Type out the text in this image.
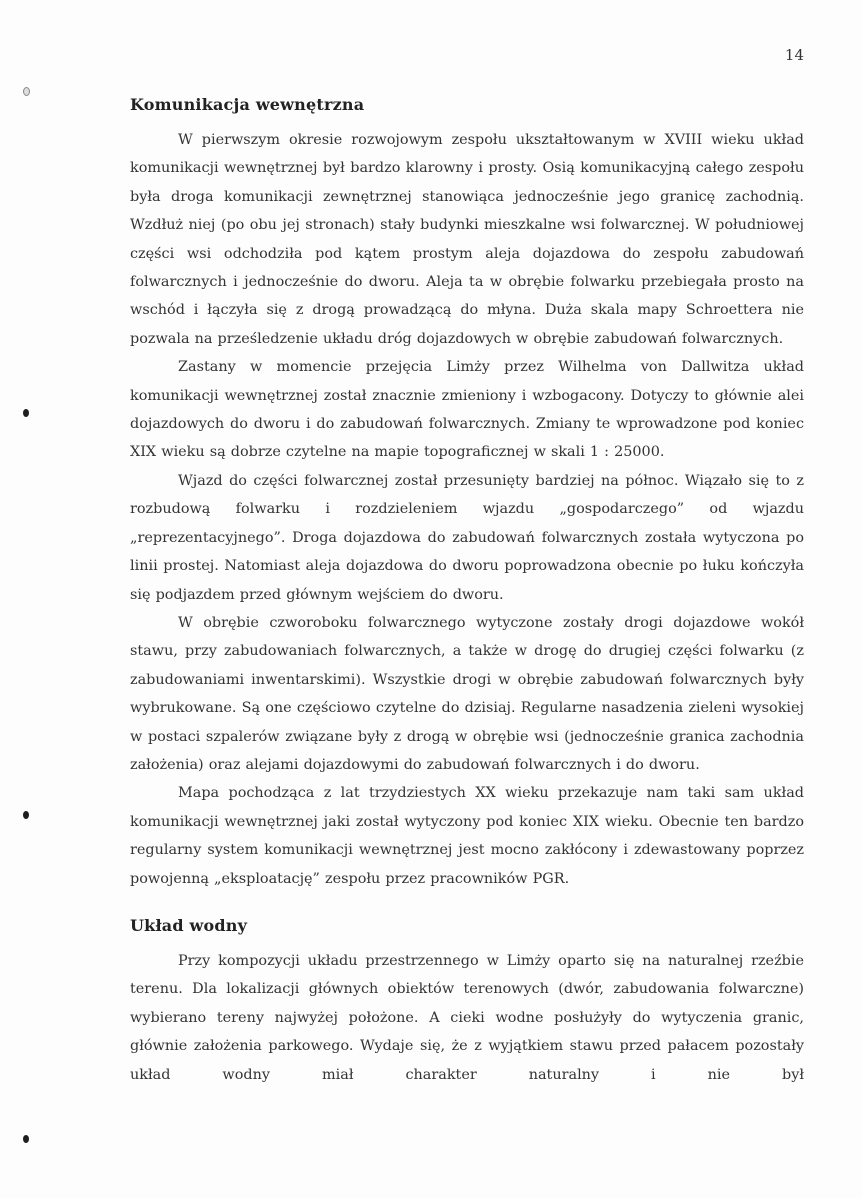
14
Komunikacja wewnętrzna

W pierwszym okresie rozwojowym zespołu ukształtowanym w XVIII wieku układ komunikacji wewnętrznej był bardzo klarowny i prosty. Osią komunikacyjną całego zespołu była droga komunikacji zewnętrznej stanowiąca jednocześnie jego granicę zachodnią. Wzdłuż niej (po obu jej stronach) stały budynki mieszkalne wsi folwarcznej. W południowej części wsi odchodziła pod kątem prostym aleja dojazdowa do zespołu zabudowań folwarcznych i jednocześnie do dworu. Aleja ta w obrębie folwarku przebiegała prosto na wschód i łączyła się z drogą prowadzącą do młyna. Duża skala mapy Schroettera nie pozwala na prześledzenie układu dróg dojazdowych w obrębie zabudowań folwarcznych.

Zastany w momencie przejęcia Limży przez Wilhelma von Dallwitza układ komunikacji wewnętrznej został znacznie zmieniony i wzbogacony. Dotyczy to głównie alei dojazdowych do dworu i do zabudowań folwarcznych. Zmiany te wprowadzone pod koniec XIX wieku są dobrze czytelne na mapie topograficznej w skali 1 : 25000.

Wjazd do części folwarcznej został przesunięty bardziej na północ. Wiązało się to z rozbudową folwarku i rozdzieleniem wjazdu „gospodarczego” od wjazdu „reprezentacyjnego”. Droga dojazdowa do zabudowań folwarcznych została wytyczona po linii prostej. Natomiast aleja dojazdowa do dworu poprowadzona obecnie po łuku kończyła się podjazdem przed głównym wejściem do dworu.

W obrębie czworoboku folwarcznego wytyczone zostały drogi dojazdowe wokół stawu, przy zabudowaniach folwarcznych, a także w drogę do drugiej części folwarku (z zabudowaniami inwentarskimi). Wszystkie drogi w obrębie zabudowań folwarcznych były wybrukowane. Są one częściowo czytelne do dzisiaj. Regularne nasadzenia zieleni wysokiej w postaci szpalerów związane były z drogą w obrębie wsi (jednocześnie granica zachodnia założenia) oraz alejami dojazdowymi do zabudowań folwarcznych i do dworu.

Mapa pochodząca z lat trzydziestych XX wieku przekazuje nam taki sam układ komunikacji wewnętrznej jaki został wytyczony pod koniec XIX wieku. Obecnie ten bardzo regularny system komunikacji wewnętrznej jest mocno zakłócony i zdewastowany poprzez powojenną „eksploatację” zespołu przez pracowników PGR.

Układ wodny

Przy kompozycji układu przestrzennego w Limży oparto się na naturalnej rzeźbie terenu. Dla lokalizacji głównych obiektów terenowych (dwór, zabudowania folwarczne) wybierano tereny najwyżej położone. A cieki wodne posłużyły do wytyczenia granic, głównie założenia parkowego. Wydaje się, że z wyjątkiem stawu przed pałacem pozostały układ wodny miał charakter naturalny i nie był
